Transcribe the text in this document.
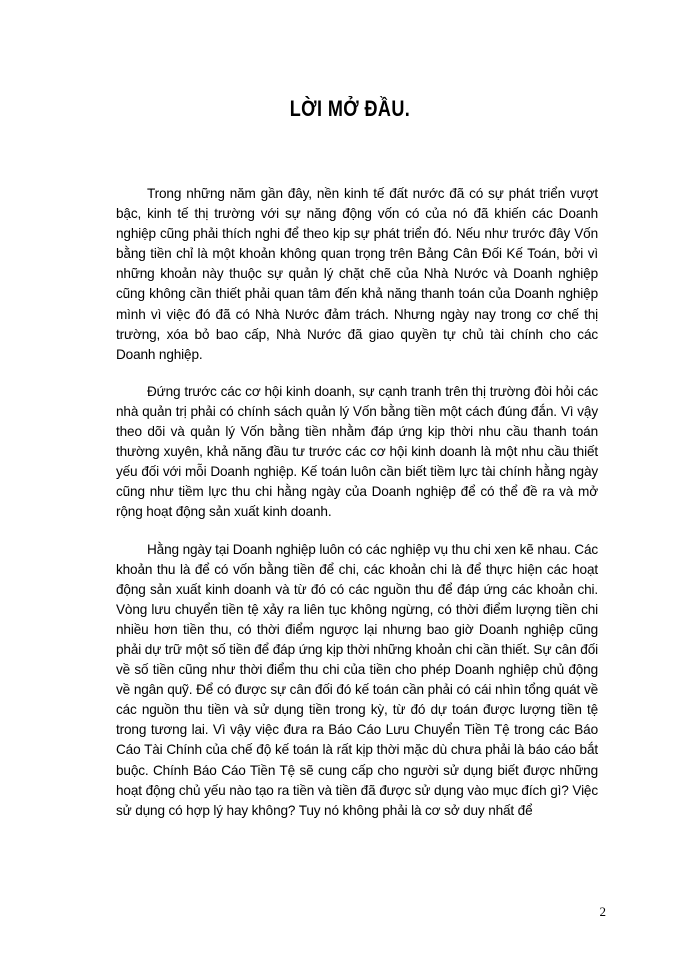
LỜI MỞ ĐẦU.

Trong những năm gần đây, nền kinh tế đất nước đã có sự phát triển vượt bậc, kinh tế thị trường với sự năng động vốn có của nó đã khiến các Doanh nghiệp cũng phải thích nghi để theo kịp sự phát triển đó. Nếu như trước đây Vốn bằng tiền chỉ là một khoản không quan trọng trên Bảng Cân Đối Kế Toán, bởi vì những khoản này thuộc sự quản lý chặt chẽ của Nhà Nước và Doanh nghiệp cũng không cần thiết phải quan tâm đến khả năng thanh toán của Doanh nghiệp mình vì việc đó đã có Nhà Nước đảm trách. Nhưng ngày nay trong cơ chế thị trường, xóa bỏ bao cấp, Nhà Nước đã giao quyền tự chủ tài chính cho các Doanh nghiệp.

Đứng trước các cơ hội kinh doanh, sự cạnh tranh trên thị trường đòi hỏi các nhà quản trị phải có chính sách quản lý Vốn bằng tiền một cách đúng đắn. Vì vậy theo dõi và quản lý Vốn bằng tiền nhằm đáp ứng kịp thời nhu cầu thanh toán thường xuyên, khả năng đầu tư trước các cơ hội kinh doanh là một nhu cầu thiết yếu đối với mỗi Doanh nghiệp. Kế toán luôn cần biết tiềm lực tài chính hằng ngày cũng như tiềm lực thu chi hằng ngày của Doanh nghiệp để có thể đề ra và mở rộng hoạt động sản xuất kinh doanh.

Hằng ngày tại Doanh nghiệp luôn có các nghiệp vụ thu chi xen kẽ nhau. Các khoản thu là để có vốn bằng tiền để chi, các khoản chi là để thực hiện các hoạt động sản xuất kinh doanh và từ đó có các nguồn thu để đáp ứng các khoản chi. Vòng lưu chuyển tiền tệ xảy ra liên tục không ngừng, có thời điểm lượng tiền chi nhiều hơn tiền thu, có thời điểm ngược lại nhưng bao giờ Doanh nghiệp cũng phải dự trữ một số tiền để đáp ứng kịp thời những khoản chi cần thiết. Sự cân đối về số tiền cũng như thời điểm thu chi của tiền cho phép Doanh nghiệp chủ động về ngân quỹ. Để có được sự cân đối đó kế toán cần phải có cái nhìn tổng quát về các nguồn thu tiền và sử dụng tiền trong kỳ, từ đó dự toán được lượng tiền tệ trong tương lai. Vì vậy việc đưa ra Báo Cáo Lưu Chuyển Tiền Tệ trong các Báo Cáo Tài Chính của chế độ kế toán là rất kịp thời mặc dù chưa phải là báo cáo bắt buộc. Chính Báo Cáo Tiền Tệ sẽ cung cấp cho người sử dụng biết được những hoạt động chủ yếu nào tạo ra tiền và tiền đã được sử dụng vào mục đích gì? Việc sử dụng có hợp lý hay không? Tuy nó không phải là cơ sở duy nhất để

2
